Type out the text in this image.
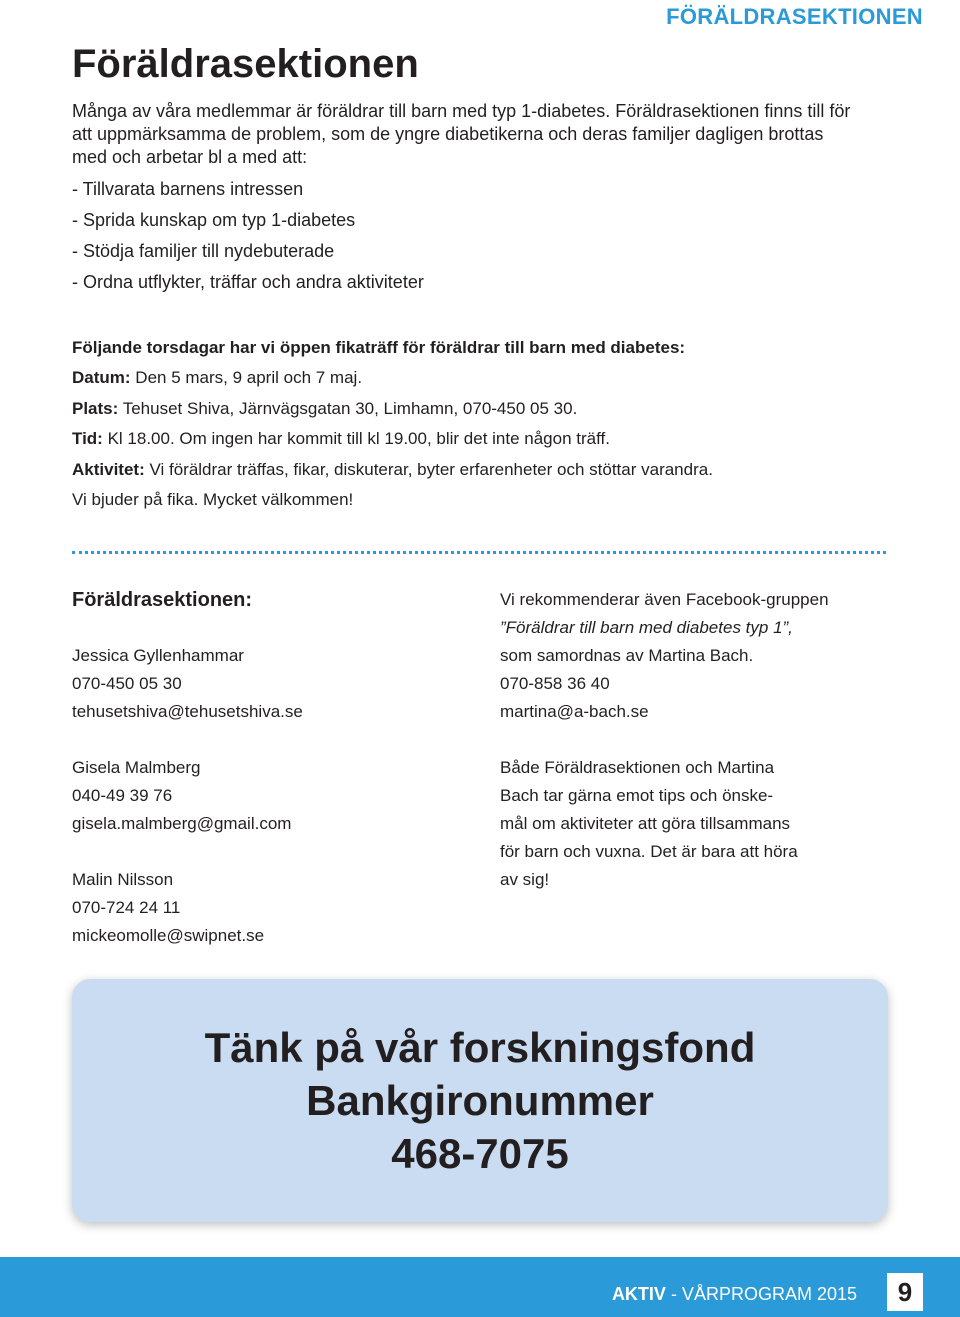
FÖRÄLDRASEKTIONEN
Föräldrasektionen

Många av våra medlemmar är föräldrar till barn med typ 1-diabetes. Föräldrasektionen finns till för att uppmärksamma de problem, som de yngre diabetikerna och deras familjer dagligen brottas med och arbetar bl a med att:

- Tillvarata barnens intressen
- Sprida kunskap om typ 1-diabetes
- Stödja familjer till nydebuterade
- Ordna utflykter, träffar och andra aktiviteter

Följande torsdagar har vi öppen fikaträff för föräldrar till barn med diabetes:

Datum: Den 5 mars, 9 april och 7 maj.

Plats: Tehuset Shiva, Järnvägsgatan 30, Limhamn, 070-450 05 30.

Tid: Kl 18.00. Om ingen har kommit till kl 19.00, blir det inte någon träff.

Aktivitet: Vi föräldrar träffas, fikar, diskuterar, byter erfarenheter och stöttar varandra.

Vi bjuder på fika. Mycket välkommen!

Föräldrasektionen:

Jessica Gyllenhammar
070-450 05 30
tehusetshiva@tehusetshiva.se
Gisela Malmberg
040-49 39 76
gisela.malmberg@gmail.com
Malin Nilsson
070-724 24 11
mickeomolle@swipnet.se
Vi rekommenderar även Facebook-gruppen
”Föräldrar till barn med diabetes typ 1”,
som samordnas av Martina Bach.
070-858 36 40
martina@a-bach.se
Både Föräldrasektionen och Martina
Bach tar gärna emot tips och önske-
mål om aktiviteter att göra tillsammans
för barn och vuxna. Det är bara att höra
av sig!
Tänk på vår forskningsfond
Bankgironummer
468-7075
AKTIV - VÅRPROGRAM 2015	9
